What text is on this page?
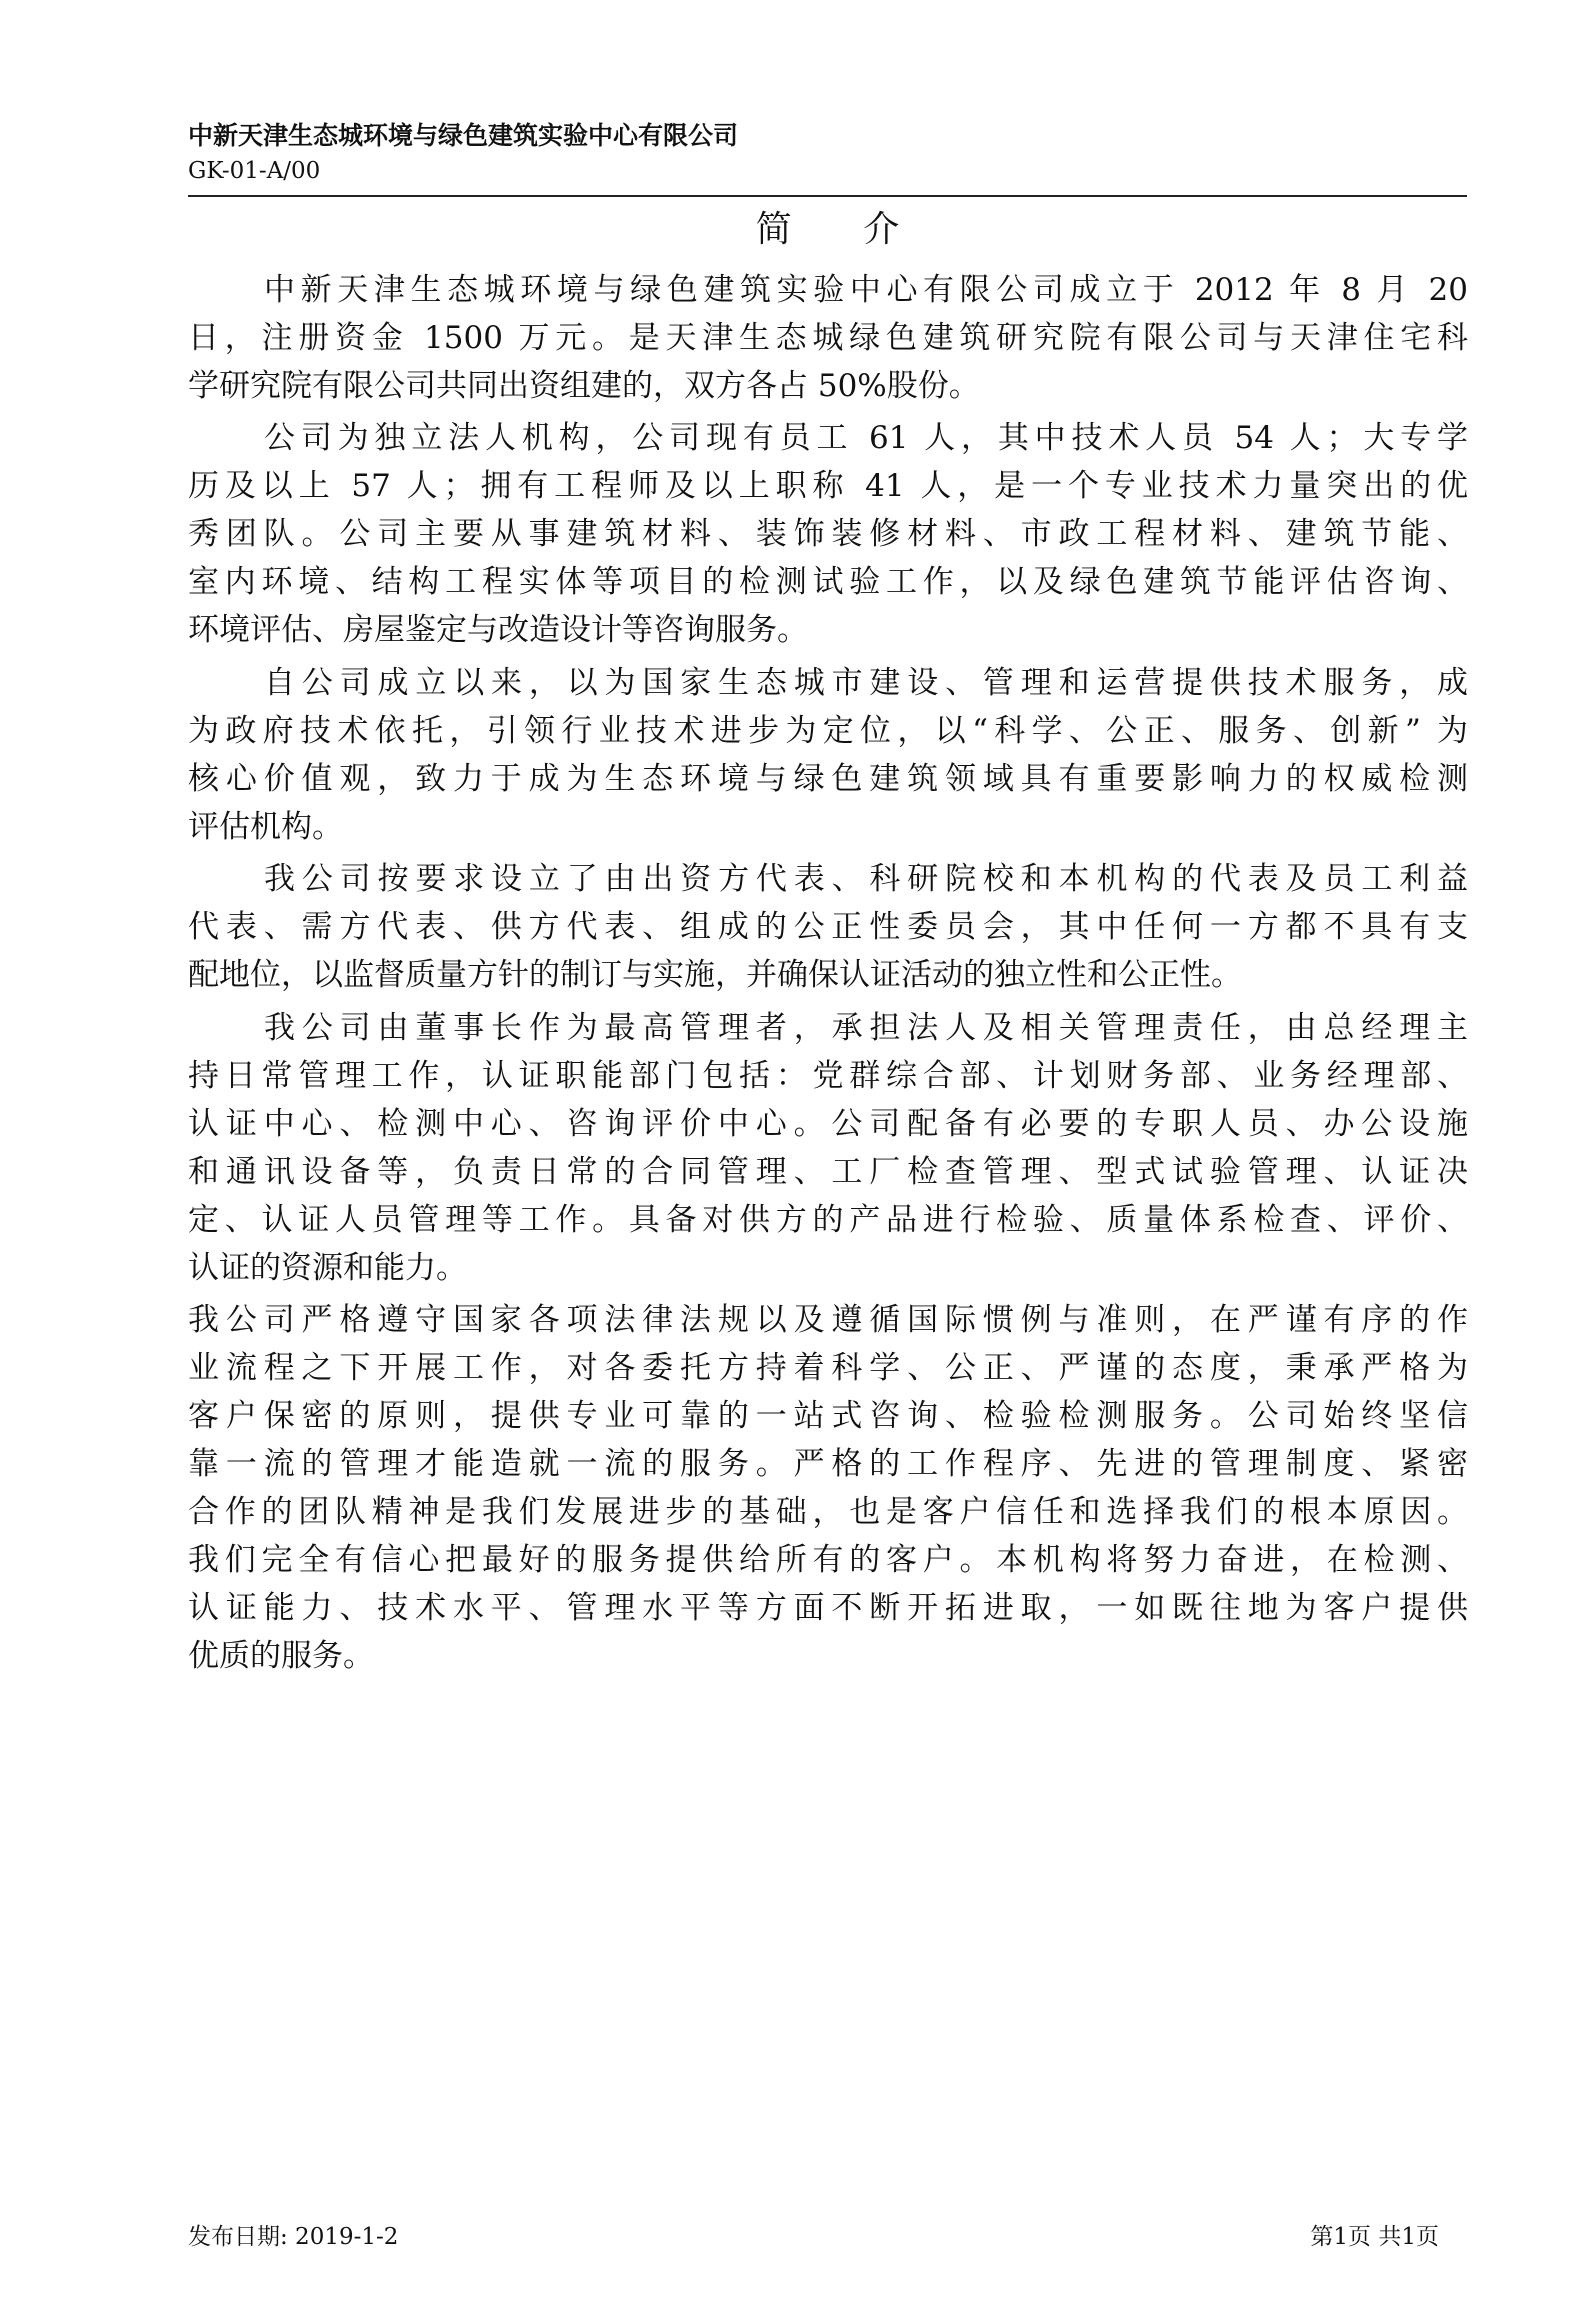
中新天津生态城环境与绿色建筑实验中心有限公司
GK-01-A/00
简 介

中新天津生态城环境与绿色建筑实验中心有限公司成立于 2012 年 8 月 20
日，注册资金 1500 万元。是天津生态城绿色建筑研究院有限公司与天津住宅科
学研究院有限公司共同出资组建的，双方各占 50%股份。

公司为独立法人机构，公司现有员工 61 人，其中技术人员 54 人；大专学
历及以上 57 人；拥有工程师及以上职称 41 人，是一个专业技术力量突出的优
秀团队。公司主要从事建筑材料、装饰装修材料、市政工程材料、建筑节能、
室内环境、结构工程实体等项目的检测试验工作，以及绿色建筑节能评估咨询、
环境评估、房屋鉴定与改造设计等咨询服务。

自公司成立以来，以为国家生态城市建设、管理和运营提供技术服务，成
为政府技术依托，引领行业技术进步为定位，以“科学、公正、服务、创新” 为
核心价值观，致力于成为生态环境与绿色建筑领域具有重要影响力的权威检测
评估机构。

我公司按要求设立了由出资方代表、科研院校和本机构的代表及员工利益
代表、需方代表、供方代表、组成的公正性委员会，其中任何一方都不具有支
配地位，以监督质量方针的制订与实施，并确保认证活动的独立性和公正性。

我公司由董事长作为最高管理者，承担法人及相关管理责任，由总经理主
持日常管理工作，认证职能部门包括：党群综合部、计划财务部、业务经理部、
认证中心、检测中心、咨询评价中心。公司配备有必要的专职人员、办公设施
和通讯设备等，负责日常的合同管理、工厂检查管理、型式试验管理、认证决
定、认证人员管理等工作。具备对供方的产品进行检验、质量体系检查、评价、
认证的资源和能力。

我公司严格遵守国家各项法律法规以及遵循国际惯例与准则，在严谨有序的作
业流程之下开展工作，对各委托方持着科学、公正、严谨的态度，秉承严格为
客户保密的原则，提供专业可靠的一站式咨询、检验检测服务。公司始终坚信
靠一流的管理才能造就一流的服务。严格的工作程序、先进的管理制度、紧密
合作的团队精神是我们发展进步的基础，也是客户信任和选择我们的根本原因。
我们完全有信心把最好的服务提供给所有的客户。本机构将努力奋进，在检测、
认证能力、技术水平、管理水平等方面不断开拓进取，一如既往地为客户提供
优质的服务。

发布日期: 2019-1-2	第1页 共1页
